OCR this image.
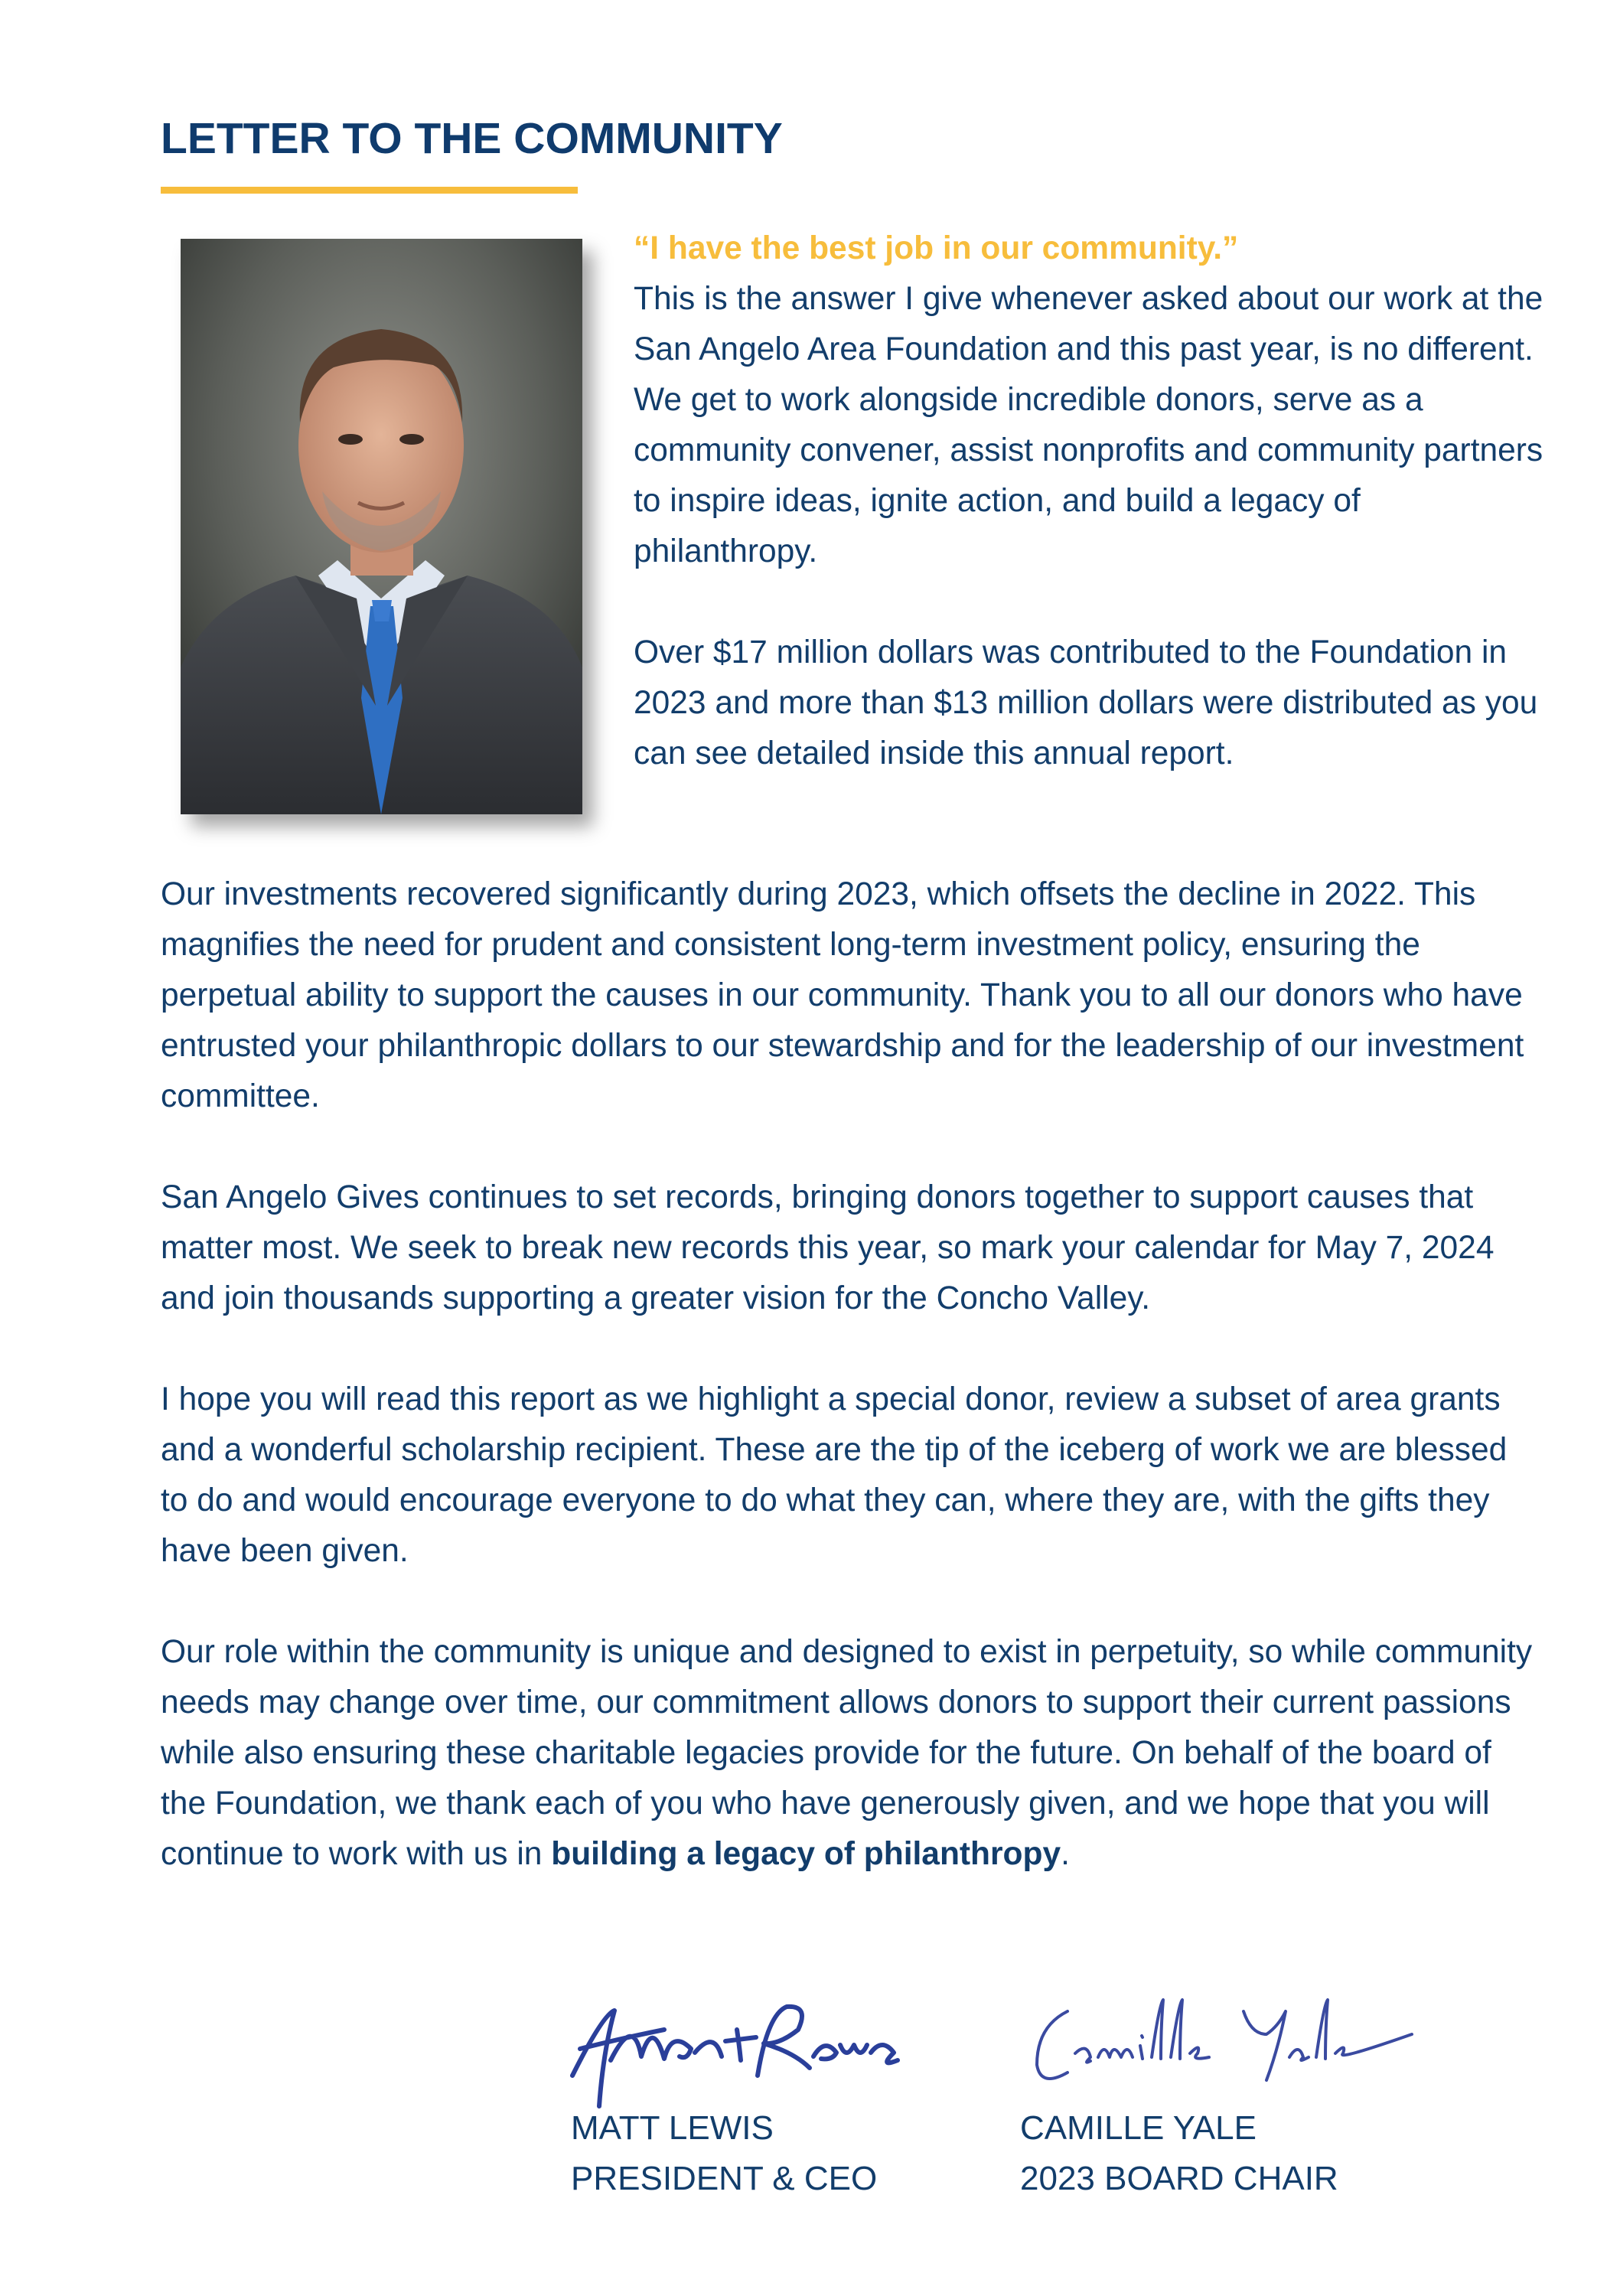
LETTER TO THE COMMUNITY
“I have the best job in our community.”
This is the answer I give whenever asked about our work at the San Angelo Area Foundation and this past year, is no different. We get to work alongside incredible donors, serve as a community convener, assist nonprofits and community partners to inspire ideas, ignite action, and build a legacy of philanthropy.
Over $17 million dollars was contributed to the Foundation in 2023 and more than $13 million dollars were distributed as you can see detailed inside this annual report.

Our investments recovered significantly during 2023, which offsets the decline in 2022. This magnifies the need for prudent and consistent long-term investment policy, ensuring the perpetual ability to support the causes in our community. Thank you to all our donors who have entrusted your philanthropic dollars to our stewardship and for the leadership of our investment committee.

San Angelo Gives continues to set records, bringing donors together to support causes that matter most. We seek to break new records this year, so mark your calendar for May 7, 2024 and join thousands supporting a greater vision for the Concho Valley.

I hope you will read this report as we highlight a special donor, review a subset of area grants and a wonderful scholarship recipient. These are the tip of the iceberg of work we are blessed to do and would encourage everyone to do what they can, where they are, with the gifts they have been given.

Our role within the community is unique and designed to exist in perpetuity, so while community needs may change over time, our commitment allows donors to support their current passions while also ensuring these charitable legacies provide for the future. On behalf of the board of the Foundation, we thank each of you who have generously given, and we hope that you will continue to work with us in building a legacy of philanthropy.

MATT LEWIS
PRESIDENT & CEO
CAMILLE YALE
2023 BOARD CHAIR
